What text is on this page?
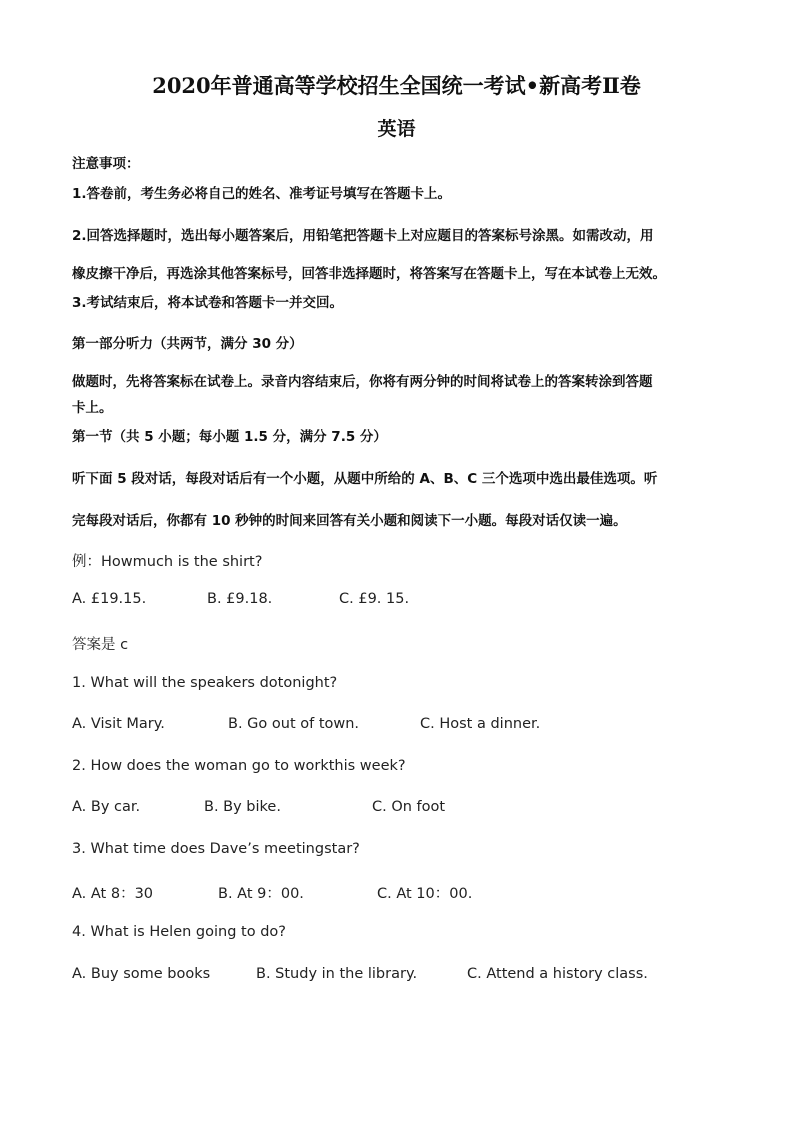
2020年普通高等学校招生全国统一考试•新高考Ⅱ卷
英语
注意事项：
1.答卷前，考生务必将自己的姓名、准考证号填写在答题卡上。
2.回答选择题时，选出每小题答案后，用铅笔把答题卡上对应题目的答案标号涂黑。如需改动，用
橡皮擦干净后，再选涂其他答案标号，回答非选择题时，将答案写在答题卡上，写在本试卷上无效。
3.考试结束后，将本试卷和答题卡一并交回。
第一部分听力（共两节，满分 30 分）
做题时，先将答案标在试卷上。录音内容结束后，你将有两分钟的时间将试卷上的答案转涂到答题
卡上。
第一节（共 5 小题；每小题 1.5 分，满分 7.5 分）
听下面 5 段对话，每段对话后有一个小题，从题中所给的 A、B、C 三个选项中选出最佳选项。听
完每段对话后，你都有 10 秒钟的时间来回答有关小题和阅读下一小题。每段对话仅读一遍。
例：Howmuch is the shirt?
A. £19.15.	B. £9.18.	C. £9. 15.
答案是 c
1. What will the speakers dotonight?
A. Visit Mary.	B. Go out of town.	C. Host a dinner.
2. How does the woman go to workthis week?
A. By car.	B. By bike.	C. On foot
3. What time does Dave’s meetingstar?
A. At 8：30	B. At 9：00.	C. At 10：00.
4. What is Helen going to do?
A. Buy some books	B. Study in the library.	C. Attend a history class.
